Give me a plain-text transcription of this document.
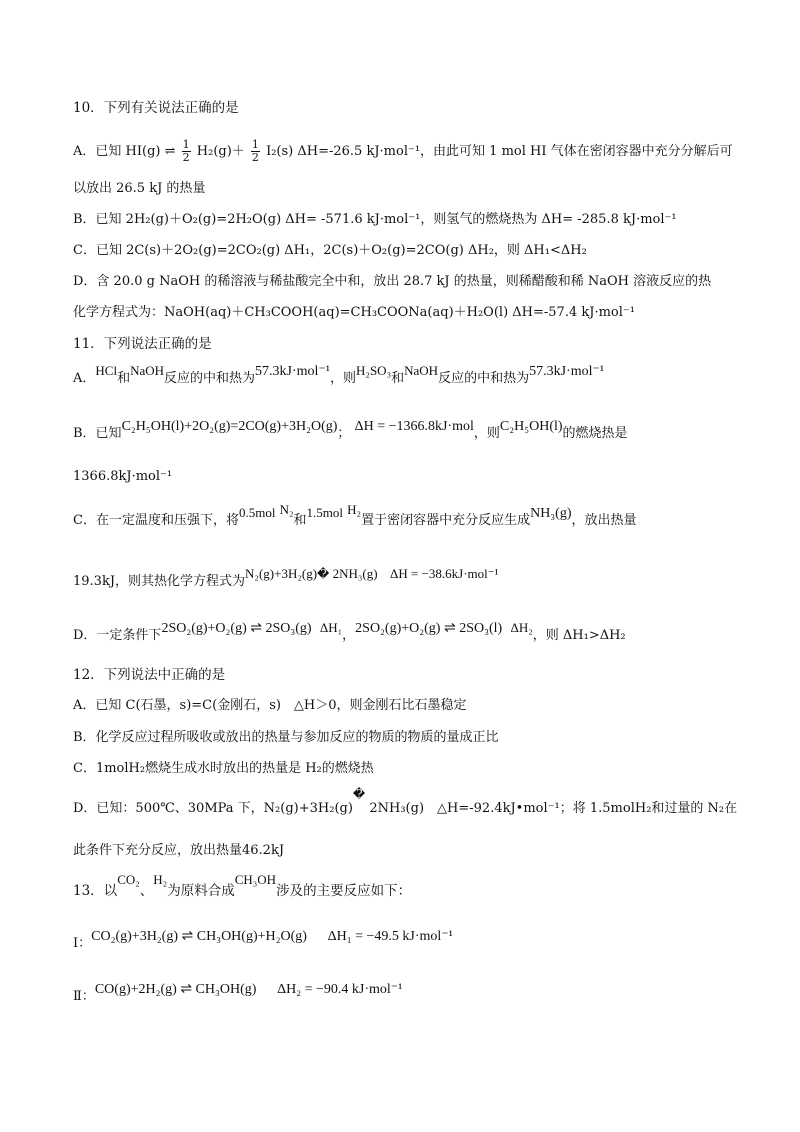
10．下列有关说法正确的是
A．已知 HI(g) ⇌ $\frac{1}{2} H_2(g)+ \frac{1}{2} I_2(s)$ ΔH=-26.5 kJ·mol⁻¹，由此可知 1 mol HI 气体在密闭容器中充分分解后可
以放出 26.5 kJ 的热量
B．已知 2H₂(g)＋O₂(g)=2H₂O(g) ΔH= -571.6 kJ·mol⁻¹，则氢气的燃烧热为 ΔH= -285.8 kJ·mol⁻¹
C．已知 2C(s)＋2O₂(g)=2CO₂(g) ΔH₁，2C(s)＋O₂(g)=2CO(g) ΔH₂，则 ΔH₁<ΔH₂
D．含 20.0 g NaOH 的稀溶液与稀盐酸完全中和，放出 28.7 kJ 的热量，则稀醋酸和稀 NaOH 溶液反应的热
化学方程式为：NaOH(aq)＋CH₃COOH(aq)=CH₃COONa(aq)＋H₂O(l) ΔH=-57.4 kJ·mol⁻¹
11．下列说法正确的是
A．HCl和NaOH反应的中和热为57.3kJ·mol⁻¹，则H₂SO₃和NaOH反应的中和热为57.3kJ·mol⁻¹
B．已知C₂H₅OH(l)+2O₂(g)=2CO(g)+3H₂O(g)； ΔH = −1366.8kJ·mol，则C₂H₅OH(l)的燃烧热是
1366.8kJ·mol⁻¹
C．在一定温度和压强下，将0.5mol N₂和1.5mol H₂置于密闭容器中充分反应生成NH₃(g)，放出热量
19.3kJ，则其热化学方程式为N₂(g)+3H₂(g)� 2NH₃(g) ΔH = −38.6kJ·mol⁻¹
D．一定条件下2SO₂(g)+O₂(g) ⇌ 2SO₃(g) ΔH₁，2SO₂(g)+O₂(g) ⇌ 2SO₃(l) ΔH₂，则 ΔH₁>ΔH₂
12．下列说法中正确的是
A．已知 C(石墨，s)=C(金刚石，s)　△H＞0，则金刚石比石墨稳定
B．化学反应过程所吸收或放出的热量与参加反应的物质的物质的量成正比
C．1molH₂燃烧生成水时放出的热量是 H₂的燃烧热
D．已知：500℃、30MPa 下，N₂(g)+3H₂(g)� 2NH₃(g)　△H=-92.4kJ•mol⁻¹；将 1.5molH₂和过量的 N₂在
此条件下充分反应，放出热量46.2kJ
13．以CO₂、H₂为原料合成CH₃OH涉及的主要反应如下：
Ⅰ：CO₂(g)+3H₂(g) ⇌ CH₃OH(g)+H₂O(g) ΔH₁ = −49.5 kJ·mol⁻¹
Ⅱ：CO(g)+2H₂(g) ⇌ CH₃OH(g) ΔH₂ = −90.4 kJ·mol⁻¹
